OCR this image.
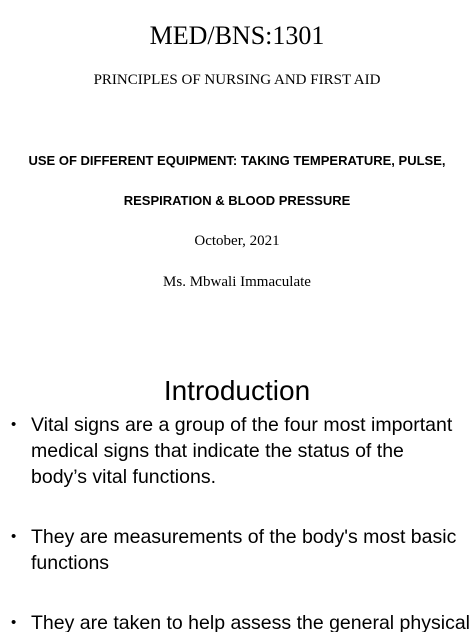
MED/BNS:1301
PRINCIPLES OF NURSING AND FIRST AID
USE OF DIFFERENT EQUIPMENT: TAKING TEMPERATURE, PULSE,
RESPIRATION & BLOOD PRESSURE
October, 2021
Ms. Mbwali Immaculate
Introduction
• Vital signs are a group of the four most important
medical signs that indicate the status of the
body’s vital functions.
• They are measurements of the body's most basic
functions
• They are taken to help assess the general physical
